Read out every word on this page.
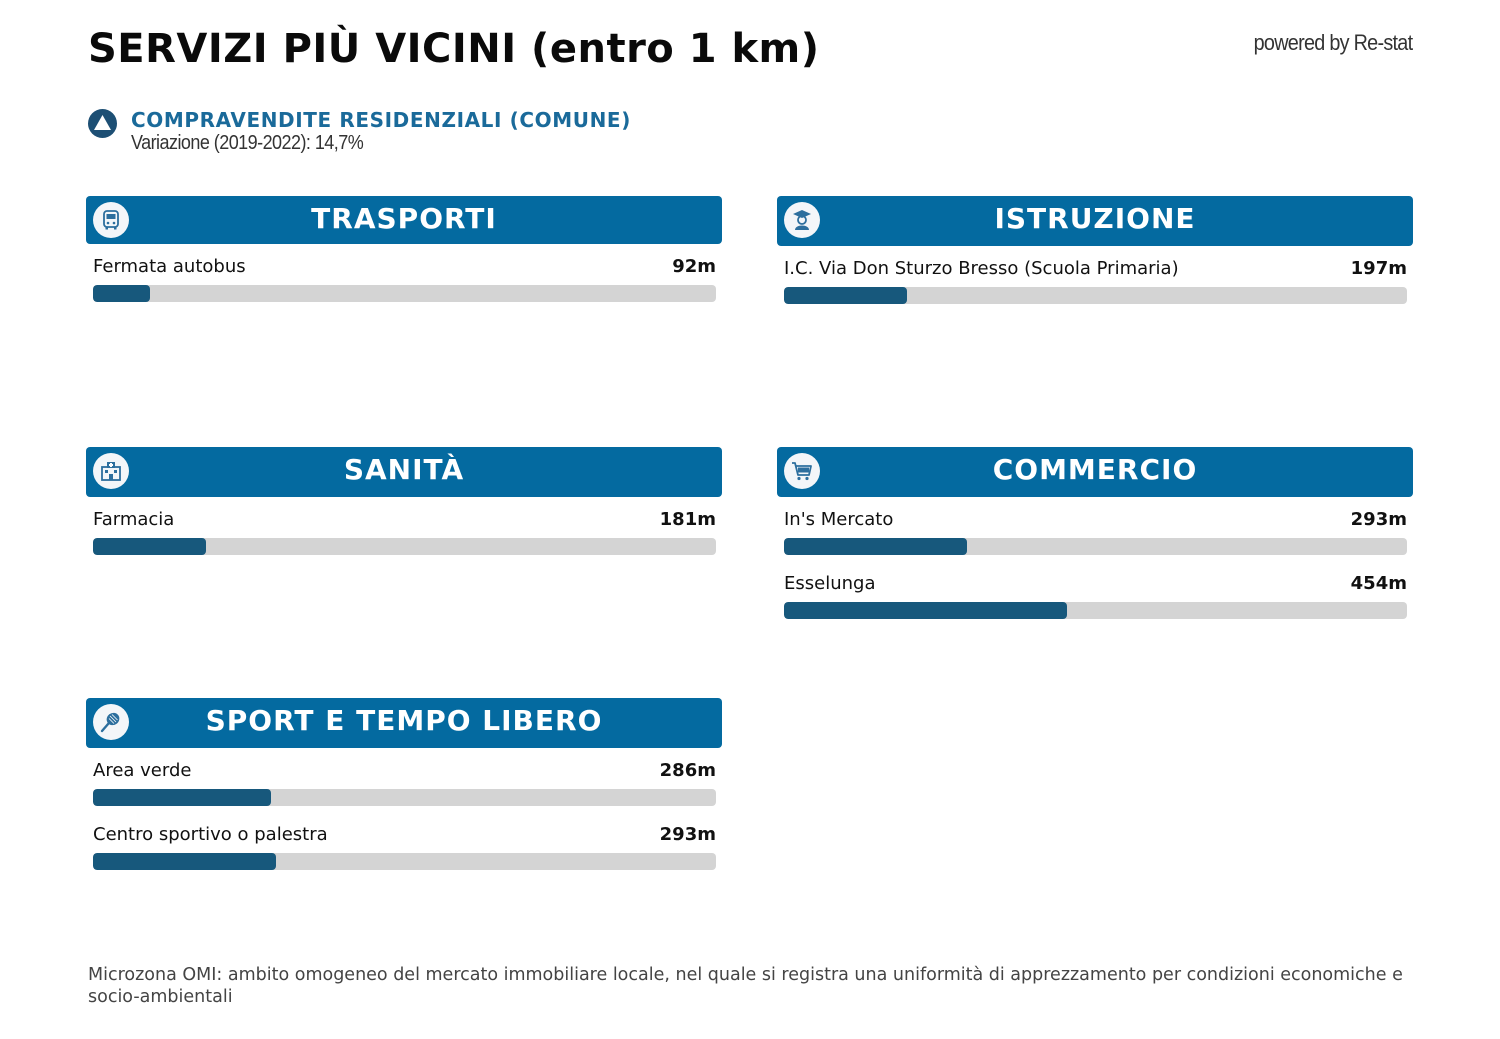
SERVIZI PIÙ VICINI (entro 1 km)	powered by Re-stat
COMPRAVENDITE RESIDENZIALI (COMUNE)
Variazione (2019-2022): 14,7%
TRASPORTI
Fermata autobus	92m
ISTRUZIONE
I.C. Via Don Sturzo Bresso (Scuola Primaria)	197m
SANITÀ
Farmacia	181m
COMMERCIO
In's Mercato	293m
Esselunga	454m
SPORT E TEMPO LIBERO
Area verde	286m
Centro sportivo o palestra	293m
Microzona OMI: ambito omogeneo del mercato immobiliare locale, nel quale si registra una uniformità di apprezzamento per condizioni economiche e socio-ambientali
